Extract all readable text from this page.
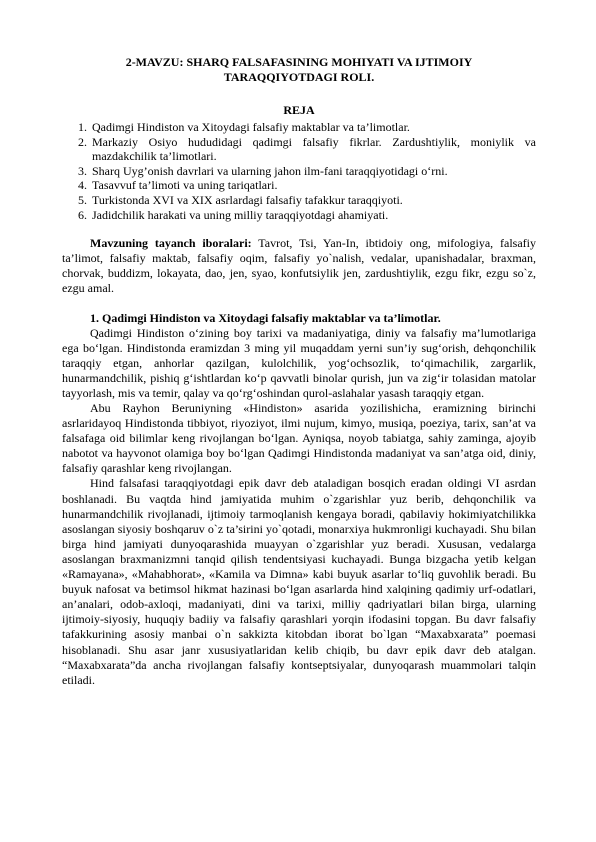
2-MAVZU: SHARQ FALSAFASINING MOHIYATI VA IJTIMOIY
TARAQQIYOTDAGI ROLI.
REJA
1. Qadimgi Hindiston va Xitoydagi falsafiy maktablar va ta’limotlar.
2. Markaziy Osiyo hududidagi qadimgi falsafiy fikrlar. Zardushtiylik, moniylik va mazdakchilik ta’limotlari.
3. Sharq Uyg’onish davrlari va ularning jahon ilm-fani taraqqiyotidagi o‘rni.
4. Tasavvuf ta’limoti va uning tariqatlari.
5. Turkistonda XVI va XIX asrlardagi falsafiy tafakkur taraqqiyoti.
6. Jadidchilik harakati va uning milliy taraqqiyotdagi ahamiyati.

Mavzuning tayanch iboralari: Tavrot, Tsi, Yan-In, ibtidoiy ong, mifologiya, falsafiy ta’limot, falsafiy maktab, falsafiy oqim, falsafiy yo`nalish, vedalar, upanishadalar, braxman, chorvak, buddizm, lokayata, dao, jen, syao, konfutsiylik jen, zardushtiylik, ezgu fikr, ezgu so`z, ezgu amal.

1. Qadimgi Hindiston va Xitoydagi falsafiy maktablar va ta’limotlar.

Qadimgi Hindiston o‘zining boy tarixi va madaniyatiga, diniy va falsafiy ma’lumotlariga ega bo‘lgan. Hindistonda eramizdan 3 ming yil muqaddam yerni sun’iy sug‘orish, dehqonchilik taraqqiy etgan, anhorlar qazilgan, kulolchilik, yog‘ochsozlik, to‘qimachilik, zargarlik, hunarmandchilik, pishiq g‘ishtlardan ko‘p qavvatli binolar qurish, jun va zig‘ir tolasidan matolar tayyorlash, mis va temir, qalay va qo‘rg‘oshindan qurol-aslahalar yasash taraqqiy etgan.

Abu Rayhon Beruniyning «Hindiston» asarida yozilishicha, eramizning birinchi asrlaridayoq Hindistonda tibbiyot, riyoziyot, ilmi nujum, kimyo, musiqa, poeziya, tarix, san’at va falsafaga oid bilimlar keng rivojlangan bo‘lgan. Ayniqsa, noyob tabiatga, sahiy zaminga, ajoyib nabotot va hayvonot olamiga boy bo‘lgan Qadimgi Hindistonda madaniyat va san’atga oid, diniy, falsafiy qarashlar keng rivojlangan.

Hind falsafasi taraqqiyotdagi epik davr deb ataladigan bosqich eradan oldingi VI asrdan boshlanadi. Bu vaqtda hind jamiyatida muhim o`zgarishlar yuz berib, dehqonchilik va hunarmandchilik rivojlanadi, ijtimoiy tarmoqlanish kengaya boradi, qabilaviy hokimiyatchilikka asoslangan siyosiy boshqaruv o`z ta’sirini yo`qotadi, monarxiya hukmronligi kuchayadi. Shu bilan birga hind jamiyati dunyoqarashida muayyan o`zgarishlar yuz beradi. Xususan, vedalarga asoslangan braxmanizmni tanqid qilish tendentsiyasi kuchayadi. Bunga bizgacha yetib kelgan «Ramayana», «Mahabhorat», «Kamila va Dimna» kabi buyuk asarlar to‘liq guvohlik beradi. Bu buyuk nafosat va betimsol hikmat hazinasi bo‘lgan asarlarda hind xalqining qadimiy urf-odatlari, an’analari, odob-axloqi, madaniyati, dini va tarixi, milliy qadriyatlari bilan birga, ularning ijtimoiy-siyosiy, huquqiy badiiy va falsafiy qarashlari yorqin ifodasini topgan. Bu davr falsafiy tafakkurining asosiy manbai o`n sakkizta kitobdan iborat bo`lgan “Maxabxarata” poemasi hisoblanadi. Shu asar janr xususiyatlaridan kelib chiqib, bu davr epik davr deb atalgan. “Maxabxarata”da ancha rivojlangan falsafiy kontseptsiyalar, dunyoqarash muammolari talqin etiladi.
